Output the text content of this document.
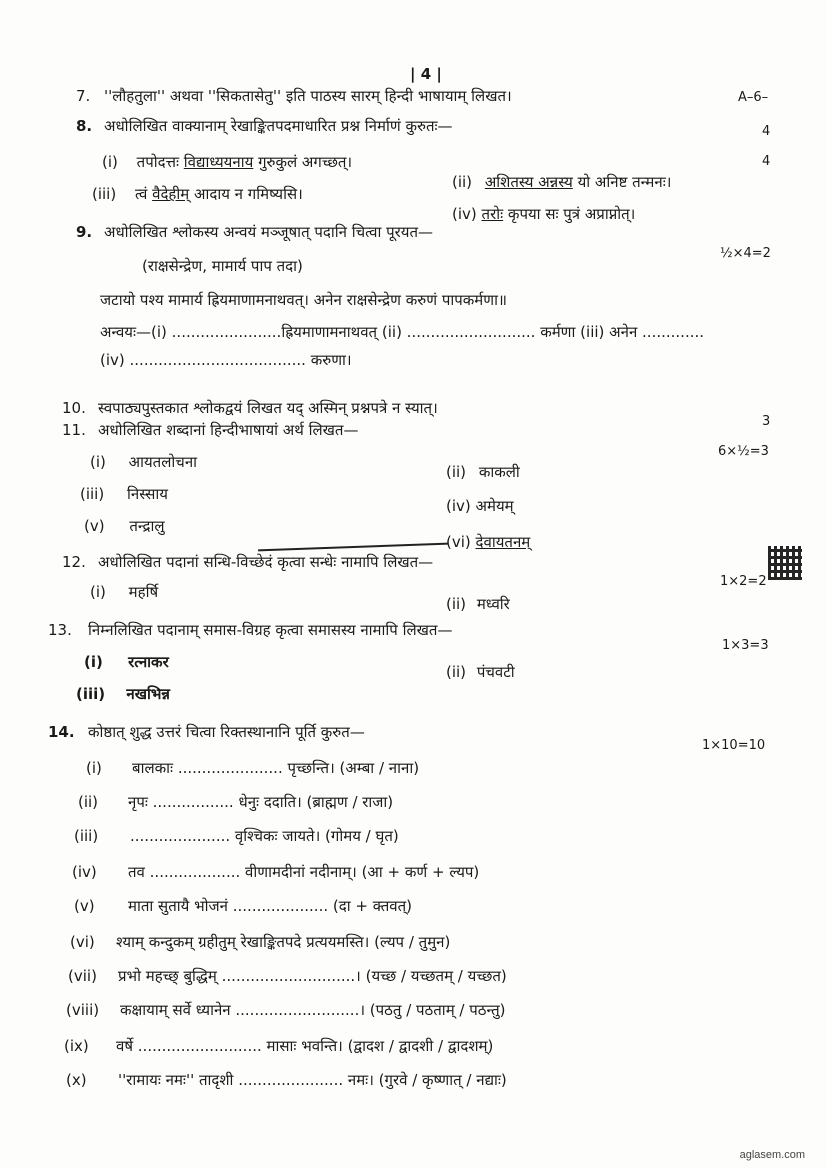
| 4 |
A–6–
7. ''लौहतुला'' अथवा ''सिकतासेतु'' इति पाठस्य सारम् हिन्दी भाषायाम् लिखत।
8. अधोलिखित वाक्यानाम् रेखाङ्कितपदमाधारित प्रश्न निर्माणं कुरुतः—	4
4
(i) तपोदत्तः विद्याध्ययनाय गुरुकुलं अगच्छत्।
(ii) अशितस्य अन्नस्य यो अनिष्ट तन्मनः।
(iii) त्वं वैदेहीम् आदाय न गमिष्यसि।
(iv) तरोः कृपया सः पुत्रं अप्राप्नोत्।
9. अधोलिखित श्लोकस्य अन्वयं मञ्जूषात् पदानि चित्वा पूरयत—
½×4=2
(राक्षसेन्द्रेण, मामार्य पाप तदा)
जटायो पश्य मामार्य ह्रियमाणामनाथवत्। अनेन राक्षसेन्द्रेण करुणं पापकर्मणा॥
अन्वयः—(i) .......................ह्रियमाणामनाथवत् (ii) ........................... कर्मणा (iii) अनेन .............
(iv) ..................................... करुणा।
10. स्वपाठ्यपुस्तकात श्लोकद्वयं लिखत यद् अस्मिन् प्रश्नपत्रे न स्यात्।
3
11. अधोलिखित शब्दानां हिन्दीभाषायां अर्थ लिखत—
6×½=3
(i) आयतलोचना
(ii) काकली
(iii) निस्साय
(iv) अमेयम्
(v) तन्द्रालु
(vi) देवायतनम्
12. अधोलिखित पदानां सन्धि-विच्छेदं कृत्वा सन्धेः नामापि लिखत—
1×2=2
(i) महर्षि
(ii) मध्वरि
13. निम्नलिखित पदानाम् समास-विग्रह कृत्वा समासस्य नामापि लिखत—
1×3=3
(i) रत्नाकर
(ii) पंचवटी
(iii) नखभिन्न
14. कोष्ठात् शुद्ध उत्तरं चित्वा रिक्तस्थानानि पूर्ति कुरुत—
1×10=10
(i) बालकाः ...................... पृच्छन्ति। (अम्बा / नाना)
(ii) नृपः ................. धेनुः ददाति। (ब्राह्मण / राजा)
(iii) ..................... वृश्चिकः जायते। (गोमय / घृत)
(iv) तव ................... वीणामदीनां नदीनाम्। (आ + कर्ण + ल्यप)
(v) माता सुतायै भोजनं .................... (दा + क्तवत्)
(vi) श्याम् कन्दुकम् ग्रहीतुम् रेखाङ्कितपदे प्रत्ययमस्ति। (ल्यप / तुमुन)
(vii) प्रभो महच्छ् बुद्धिम् ............................। (यच्छ / यच्छतम् / यच्छत)
(viii) कक्षायाम् सर्वे ध्यानेन ..........................। (पठतु / पठताम् / पठन्तु)
(ix) वर्षे .......................... मासाः भवन्ति। (द्वादश / द्वादशी / द्वादशम्)
(x) ''रामायः नमः'' तादृशी ...................... नमः। (गुरवे / कृष्णात् / नद्याः)
aglasem.com
